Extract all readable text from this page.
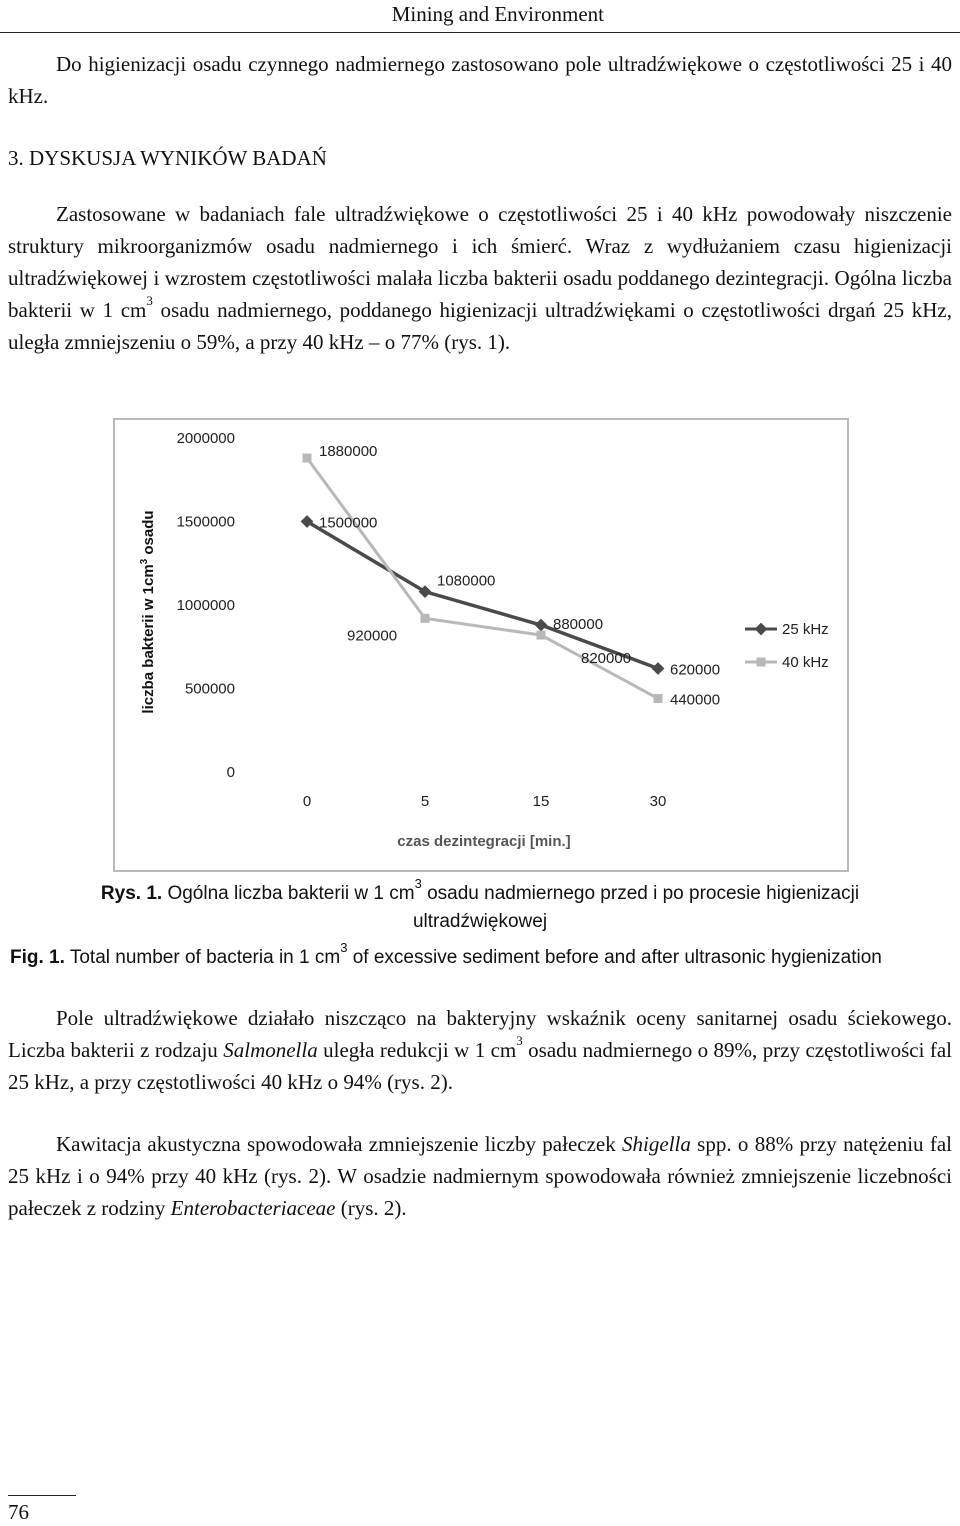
Mining and Environment

Do higienizacji osadu czynnego nadmiernego zastosowano pole ultradźwiękowe o częstotliwości 25 i 40 kHz.

3. DYSKUSJA WYNIKÓW BADAŃ

Zastosowane w badaniach fale ultradźwiękowe o częstotliwości 25 i 40 kHz powodowały niszczenie struktury mikroorganizmów osadu nadmiernego i ich śmierć. Wraz z wydłużaniem czasu higienizacji ultradźwiękowej i wzrostem częstotliwości malała liczba bakterii osadu poddanego dezintegracji. Ogólna liczba bakterii w 1 $cm^3$ osadu nadmiernego, poddanego higienizacji ultradźwiękami o częstotliwości drgań 25 kHz, uległa zmniejszeniu o 59%, a przy 40 kHz – o 77% (rys. 1).

0
500000
1000000
1500000
2000000
0	5	15	30
1500000
1080000
880000
620000
1880000
920000
820000
440000
25 kHz
40 kHz
czas dezintegracji [min.]
liczba bakterii w $1cm^3$ osadu

Rys. 1. Ogólna liczba bakterii w 1 $cm^3$ osadu nadmiernego przed i po procesie higienizacji ultradźwiękowej

Fig. 1. Total number of bacteria in 1 $cm^3$ of excessive sediment before and after ultrasonic hygienization

Pole ultradźwiękowe działało niszcząco na bakteryjny wskaźnik oceny sanitarnej osadu ściekowego. Liczba bakterii z rodzaju Salmonella uległa redukcji w 1 $cm^3$ osadu nadmiernego o 89%, przy częstotliwości fal 25 kHz, a przy częstotliwości 40 kHz o 94% (rys. 2).

Kawitacja akustyczna spowodowała zmniejszenie liczby pałeczek Shigella spp. o 88% przy natężeniu fal 25 kHz i o 94% przy 40 kHz (rys. 2). W osadzie nadmiernym spowodowała również zmniejszenie liczebności pałeczek z rodziny Enterobacteriaceae (rys. 2).

76
